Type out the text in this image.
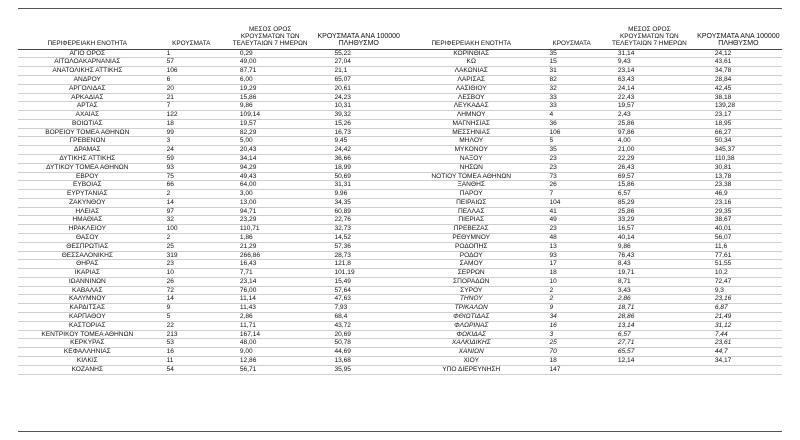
ΠΕΡΙΦΕΡΕΙΑΚΗ ΕΝΟΤΗΤΑ	ΚΡΟΥΣΜΑΤΑ	ΜΕΣΟΣ ΟΡΟΣ ΚΡΟΥΣΜΑΤΩΝ ΤΩΝ ΤΕΛΕΥΤΑΙΩΝ 7 ΗΜΕΡΩΝ	ΚΡΟΥΣΜΑΤΑ ΑΝΑ 100000 ΠΛΗΘΥΣΜΟ
ΑΓΙΟ ΟΡΟΣ	1	0,29	55,22
ΑΙΤΩΛΟΑΚΑΡΝΑΝΙΑΣ	57	49,00	27,04
ΑΝΑΤΟΛΙΚΗΣ ΑΤΤΙΚΗΣ	106	87,71	21,1
ΑΝΔΡΟΥ	6	6,00	65,07
ΑΡΓΟΛΙΔΑΣ	20	19,29	20,61
ΑΡΚΑΔΙΑΣ	21	15,86	24,23
ΑΡΤΑΣ	7	9,86	10,31
ΑΧΑΪΑΣ	122	109,14	39,32
ΒΟΙΩΤΙΑΣ	18	19,57	15,26
ΒΟΡΕΙΟΥ ΤΟΜΕΑ ΑΘΗΝΩΝ	99	82,29	16,73
ΓΡΕΒΕΝΩΝ	3	5,00	9,45
ΔΡΑΜΑΣ	24	20,43	24,42
ΔΥΤΙΚΗΣ ΑΤΤΙΚΗΣ	59	34,14	36,66
ΔΥΤΙΚΟΥ ΤΟΜΕΑ ΑΘΗΝΩΝ	93	94,29	18,99
ΕΒΡΟΥ	75	49,43	50,69
ΕΥΒΟΙΑΣ	66	64,00	31,31
ΕΥΡΥΤΑΝΙΑΣ	2	3,00	9,96
ΖΑΚΥΝΘΟΥ	14	13,00	34,35
ΗΛΕΙΑΣ	97	94,71	60,89
ΗΜΑΘΙΑΣ	32	23,29	22,76
ΗΡΑΚΛΕΙΟΥ	100	110,71	32,73
ΘΑΣΟΥ	2	1,86	14,52
ΘΕΣΠΡΩΤΙΑΣ	25	21,29	57,36
ΘΕΣΣΑΛΟΝΙΚΗΣ	319	266,86	28,73
ΘΗΡΑΣ	23	16,43	121,8
ΙΚΑΡΙΑΣ	10	7,71	101,19
ΙΩΑΝΝΙΝΩΝ	26	23,14	15,49
ΚΑΒΑΛΑΣ	72	76,00	57,64
ΚΑΛΥΜΝΟΥ	14	11,14	47,63
ΚΑΡΔΙΤΣΑΣ	9	11,43	7,93
ΚΑΡΠΑΘΟΥ	5	2,86	68,4
ΚΑΣΤΟΡΙΑΣ	22	11,71	43,72
ΚΕΝΤΡΙΚΟΥ ΤΟΜΕΑ ΑΘΗΝΩΝ	213	167,14	20,69
ΚΕΡΚΥΡΑΣ	53	48,00	50,78
ΚΕΦΑΛΛΗΝΙΑΣ	16	9,00	44,69
ΚΙΛΚΙΣ	11	12,86	13,68
ΚΟΖΑΝΗΣ	54	56,71	35,95
ΠΕΡΙΦΕΡΕΙΑΚΗ ΕΝΟΤΗΤΑ	ΚΡΟΥΣΜΑΤΑ	ΜΕΣΟΣ ΟΡΟΣ ΚΡΟΥΣΜΑΤΩΝ ΤΩΝ ΤΕΛΕΥΤΑΙΩΝ 7 ΗΜΕΡΩΝ	ΚΡΟΥΣΜΑΤΑ ΑΝΑ 100000 ΠΛΗΘΥΣΜΟ
ΚΟΡΙΝΘΙΑΣ	35	31,14	24,12
ΚΩ	15	9,43	43,61
ΛΑΚΩΝΙΑΣ	31	23,14	34,78
ΛΑΡΙΣΑΣ	82	63,43	28,84
ΛΑΣΙΘΙΟΥ	32	24,14	42,45
ΛΕΣΒΟΥ	33	22,43	38,18
ΛΕΥΚΑΔΑΣ	33	19,57	139,28
ΛΗΜΝΟΥ	4	2,43	23,17
ΜΑΓΝΗΣΙΑΣ	36	25,86	18,95
ΜΕΣΣΗΝΙΑΣ	106	97,86	66,27
ΜΗΛΟΥ	5	4,00	50,34
ΜΥΚΟΝΟΥ	35	21,00	345,37
ΝΑΞΟΥ	23	22,29	110,38
ΝΗΣΩΝ	23	26,43	30,81
ΝΟΤΙΟΥ ΤΟΜΕΑ ΑΘΗΝΩΝ	73	69,57	13,78
ΞΑΝΘΗΣ	26	15,86	23,38
ΠΑΡΟΥ	7	6,57	46,9
ΠΕΙΡΑΙΩΣ	104	85,29	23,16
ΠΕΛΛΑΣ	41	25,86	29,35
ΠΙΕΡΙΑΣ	49	33,29	38,67
ΠΡΕΒΕΖΑΣ	23	16,57	40,01
ΡΕΘΥΜΝΟΥ	48	40,14	56,07
ΡΟΔΟΠΗΣ	13	9,86	11,6
ΡΟΔΟΥ	93	76,43	77,61
ΣΑΜΟΥ	17	8,43	51,55
ΣΕΡΡΩΝ	18	19,71	10,2
ΣΠΟΡΑΔΩΝ	10	8,71	72,47
ΣΥΡΟΥ	2	3,43	9,3
ΤΗΝΟΥ	2	2,86	23,16
ΤΡΙΚΑΛΩΝ	9	18,71	6,87
ΦΘΙΩΤΙΔΑΣ	34	28,86	21,49
ΦΛΩΡΙΝΑΣ	16	13,14	31,12
ΦΩΚΙΔΑΣ	3	6,57	7,44
ΧΑΛΚΙΔΙΚΗΣ	25	27,71	23,61
ΧΑΝΙΩΝ	70	65,57	44,7
ΧΙΟΥ	18	12,14	34,17
ΥΠΟ ΔΙΕΡΕΥΝΗΣΗ	147		
